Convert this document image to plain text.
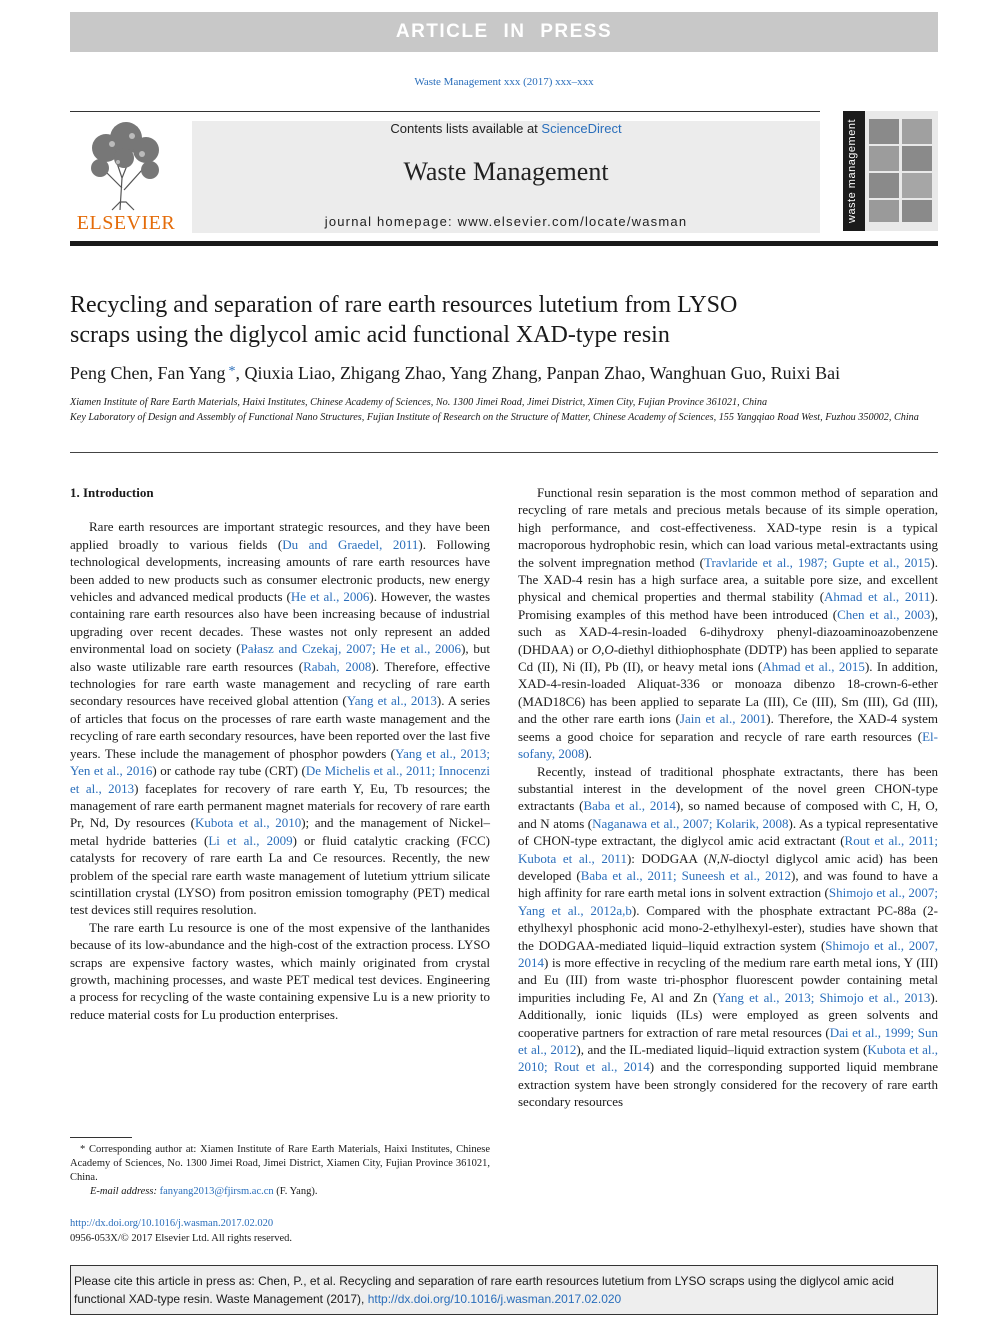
ARTICLE IN PRESS
Waste Management xxx (2017) xxx–xxx
ELSEVIER
Contents lists available at ScienceDirect
Waste Management
journal homepage: www.elsevier.com/locate/wasman	waste management
Recycling and separation of rare earth resources lutetium from LYSO
scraps using the diglycol amic acid functional XAD-type resin
Peng Chen, Fan Yang *, Qiuxia Liao, Zhigang Zhao, Yang Zhang, Panpan Zhao, Wanghuan Guo, Ruixi Bai
Xiamen Institute of Rare Earth Materials, Haixi Institutes, Chinese Academy of Sciences, No. 1300 Jimei Road, Jimei District, Ximen City, Fujian Province 361021, China
Key Laboratory of Design and Assembly of Functional Nano Structures, Fujian Institute of Research on the Structure of Matter, Chinese Academy of Sciences, 155 Yangqiao Road West, Fuzhou 350002, China
1. Introduction

Rare earth resources are important strategic resources, and they have been applied broadly to various fields (Du and Graedel, 2011). Following technological developments, increasing amounts of rare earth resources have been added to new products such as consumer electronic products, new energy vehicles and advanced medical products (He et al., 2006). However, the wastes containing rare earth resources also have been increasing because of industrial upgrading over recent decades. These wastes not only represent an added environmental load on society (Pałasz and Czekaj, 2007; He et al., 2006), but also waste utilizable rare earth resources (Rabah, 2008). Therefore, effective technologies for rare earth waste management and recycling of rare earth secondary resources have received global attention (Yang et al., 2013). A series of articles that focus on the processes of rare earth waste management and the recycling of rare earth secondary resources, have been reported over the last five years. These include the management of phosphor powders (Yang et al., 2013; Yen et al., 2016) or cathode ray tube (CRT) (De Michelis et al., 2011; Innocenzi et al., 2013) faceplates for recovery of rare earth Y, Eu, Tb resources; the management of rare earth permanent magnet materials for recovery of rare earth Pr, Nd, Dy resources (Kubota et al., 2010); and the management of Nickel–metal hydride batteries (Li et al., 2009) or fluid catalytic cracking (FCC) catalysts for recovery of rare earth La and Ce resources. Recently, the new problem of the special rare earth waste management of lutetium yttrium silicate scintillation crystal (LYSO) from positron emission tomography (PET) medical test devices still requires resolution.

The rare earth Lu resource is one of the most expensive of the lanthanides because of its low-abundance and the high-cost of the extraction process. LYSO scraps are expensive factory wastes, which mainly originated from crystal growth, machining processes, and waste PET medical test devices. Engineering a process for recycling of the waste containing expensive Lu is a new priority to reduce material costs for Lu production enterprises.

Functional resin separation is the most common method of separation and recycling of rare metals and precious metals because of its simple operation, high performance, and cost-effectiveness. XAD-type resin is a typical macroporous hydrophobic resin, which can load various metal-extractants using the solvent impregnation method (Travlaride et al., 1987; Gupte et al., 2015). The XAD-4 resin has a high surface area, a suitable pore size, and excellent physical and chemical properties and thermal stability (Ahmad et al., 2011). Promising examples of this method have been introduced (Chen et al., 2003), such as XAD-4-resin-loaded 6-dihydroxy phenyl-diazoaminoazobenzene (DHDAA) or O,O-diethyl dithiophosphate (DDTP) has been applied to separate Cd (II), Ni (II), Pb (II), or heavy metal ions (Ahmad et al., 2015). In addition, XAD-4-resin-loaded Aliquat-336 or monoaza dibenzo 18-crown-6-ether (MAD18C6) has been applied to separate La (III), Ce (III), Sm (III), Gd (III), and the other rare earth ions (Jain et al., 2001). Therefore, the XAD-4 system seems a good choice for separation and recycle of rare earth resources (El-sofany, 2008).

Recently, instead of traditional phosphate extractants, there has been substantial interest in the development of the novel green CHON-type extractants (Baba et al., 2014), so named because of composed with C, H, O, and N atoms (Naganawa et al., 2007; Kolarik, 2008). As a typical representative of CHON-type extractant, the diglycol amic acid extractant (Rout et al., 2011; Kubota et al., 2011): DODGAA (N,N-dioctyl diglycol amic acid) has been developed (Baba et al., 2011; Suneesh et al., 2012), and was found to have a high affinity for rare earth metal ions in solvent extraction (Shimojo et al., 2007; Yang et al., 2012a,b). Compared with the phosphate extractant PC-88a (2-ethylhexyl phosphonic acid mono-2-ethylhexyl-ester), studies have shown that the DODGAA-mediated liquid–liquid extraction system (Shimojo et al., 2007, 2014) is more effective in recycling of the medium rare earth metal ions, Y (III) and Eu (III) from waste tri-phosphor fluorescent powder containing metal impurities including Fe, Al and Zn (Yang et al., 2013; Shimojo et al., 2013). Additionally, ionic liquids (ILs) were employed as green solvents and cooperative partners for extraction of rare metal resources (Dai et al., 1999; Sun et al., 2012), and the IL-mediated liquid–liquid extraction system (Kubota et al., 2010; Rout et al., 2014) and the corresponding supported liquid membrane extraction system have been strongly considered for the recovery of rare earth secondary resources

* Corresponding author at: Xiamen Institute of Rare Earth Materials, Haixi Institutes, Chinese Academy of Sciences, No. 1300 Jimei Road, Jimei District, Xiamen City, Fujian Province 361021, China.
E-mail address: fanyang2013@fjirsm.ac.cn (F. Yang).
http://dx.doi.org/10.1016/j.wasman.2017.02.020
0956-053X/© 2017 Elsevier Ltd. All rights reserved.
Please cite this article in press as: Chen, P., et al. Recycling and separation of rare earth resources lutetium from LYSO scraps using the diglycol amic acid functional XAD-type resin. Waste Management (2017), http://dx.doi.org/10.1016/j.wasman.2017.02.020
